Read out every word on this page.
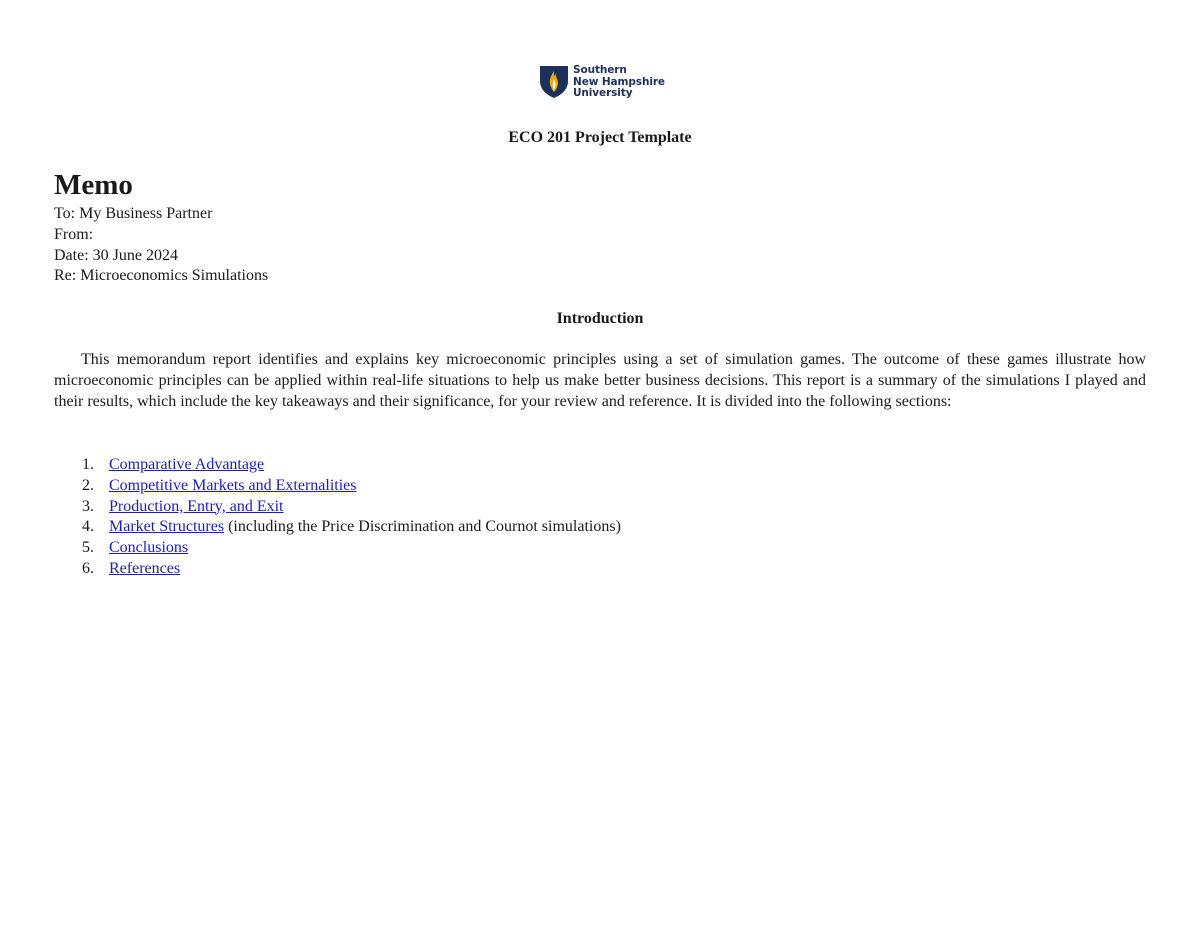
Southern
New Hampshire
University
ECO 201 Project Template
Memo
To: My Business Partner
From:
Date: 30 June 2024
Re: Microeconomics Simulations
Introduction

This memorandum report identifies and explains key microeconomic principles using a set of simulation games. The outcome of these games illustrate how microeconomic principles can be applied within real-life situations to help us make better business decisions. This report is a summary of the simulations I played and their results, which include the key takeaways and their significance, for your review and reference. It is divided into the following sections:

1. Comparative Advantage
2. Competitive Markets and Externalities
3. Production, Entry, and Exit
4. Market Structures (including the Price Discrimination and Cournot simulations)
5. Conclusions
6. References
